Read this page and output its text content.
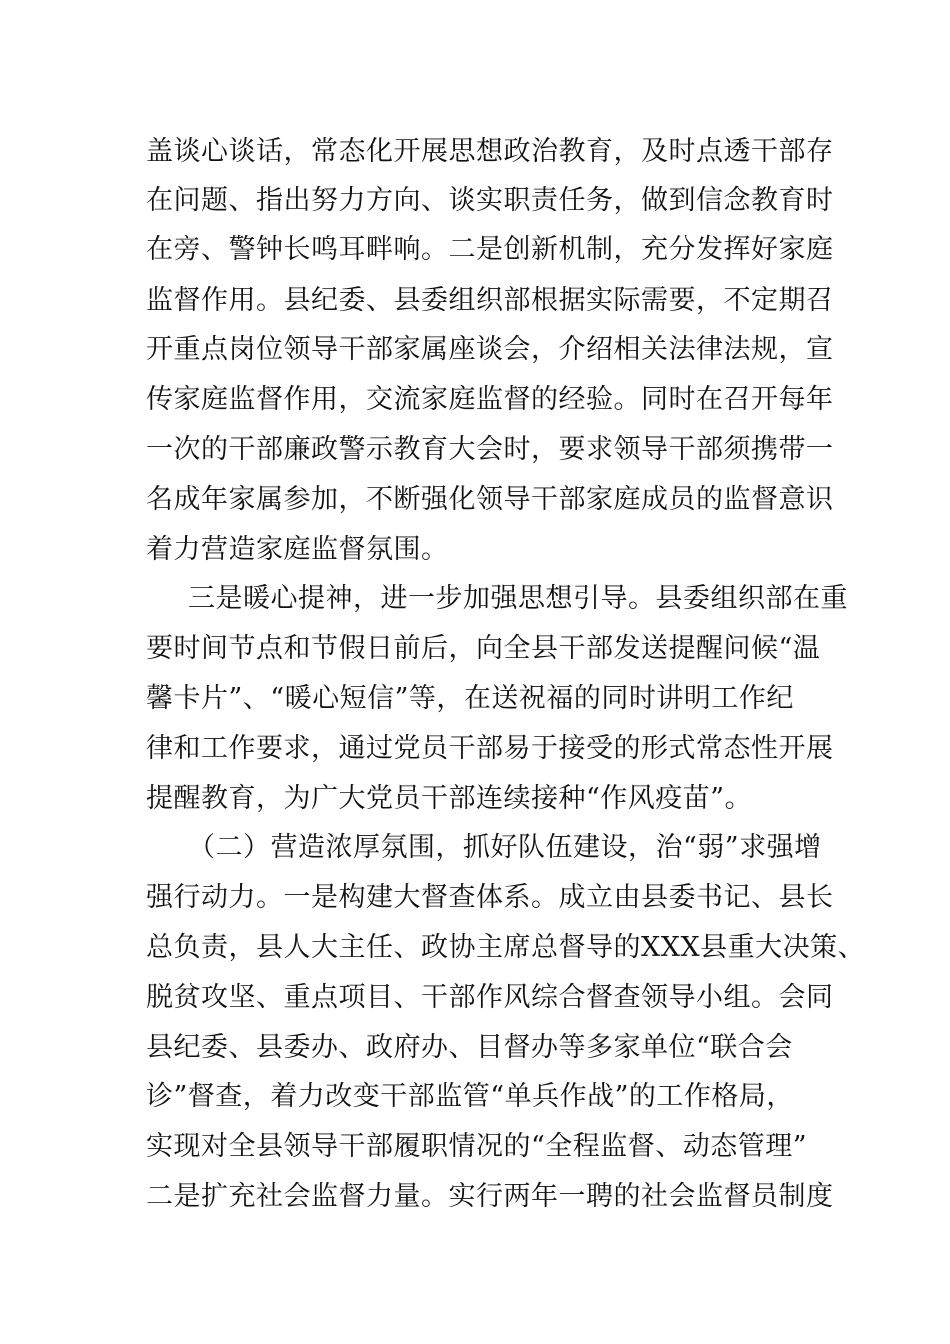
盖谈心谈话，常态化开展思想政治教育，及时点透干部存

在问题、指出努力方向、谈实职责任务，做到信念教育时

在旁、警钟长鸣耳畔响。二是创新机制，充分发挥好家庭

监督作用。县纪委、县委组织部根据实际需要，不定期召

开重点岗位领导干部家属座谈会，介绍相关法律法规，宣

传家庭监督作用，交流家庭监督的经验。同时在召开每年

一次的干部廉政警示教育大会时，要求领导干部须携带一

名成年家属参加，不断强化领导干部家庭成员的监督意识

着力营造家庭监督氛围。

三是暖心提神，进一步加强思想引导。县委组织部在重

要时间节点和节假日前后，向全县干部发送提醒问候“温

馨卡片”、“暖心短信”等，在送祝福的同时讲明工作纪

律和工作要求，通过党员干部易于接受的形式常态性开展

提醒教育，为广大党员干部连续接种“作风疫苗”。

（二）营造浓厚氛围，抓好队伍建设，治“弱”求强增

强行动力。一是构建大督查体系。成立由县委书记、县长

总负责，县人大主任、政协主席总督导的XXX县重大决策、

脱贫攻坚、重点项目、干部作风综合督查领导小组。会同

县纪委、县委办、政府办、目督办等多家单位“联合会

诊”督查，着力改变干部监管“单兵作战”的工作格局，

实现对全县领导干部履职情况的“全程监督、动态管理”

二是扩充社会监督力量。实行两年一聘的社会监督员制度
